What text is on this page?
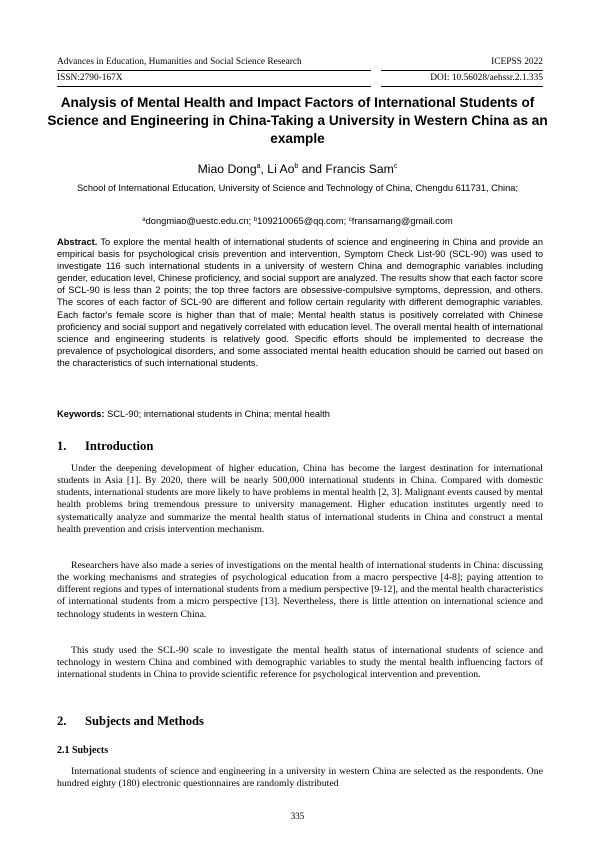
Advances in Education, Humanities and Social Science Research	ICEPSS 2022
ISSN:2790-167X	DOI: 10.56028/aehssr.2.1.335
Analysis of Mental Health and Impact Factors of International Students of Science and Engineering in China-Taking a University in Western China as an example
Miao Dong$^a$, Li Ao$^b$ and Francis Sam$^c$
School of International Education, University of Science and Technology of China, Chengdu 611731, China;
$^a$dongmiao@uestc.edu.cn; $^b$109210065@qq.com; $^c$fransamang@gmail.com

Abstract. To explore the mental health of international students of science and engineering in China and provide an empirical basis for psychological crisis prevention and intervention, Symptom Check List-90 (SCL-90) was used to investigate 116 such international students in a university of western China and demographic variables including gender, education level, Chinese proficiency, and social support are analyzed. The results show that each factor score of SCL-90 is less than 2 points; the top three factors are obsessive-compulsive symptoms, depression, and others. The scores of each factor of SCL-90 are different and follow certain regularity with different demographic variables. Each factor's female score is higher than that of male; Mental health status is positively correlated with Chinese proficiency and social support and negatively correlated with education level. The overall mental health of international science and engineering students is relatively good. Specific efforts should be implemented to decrease the prevalence of psychological disorders, and some associated mental health education should be carried out based on the characteristics of such international students.

Keywords: SCL-90; international students in China; mental health

1. Introduction

Under the deepening development of higher education, China has become the largest destination for international students in Asia [1]. By 2020, there will be nearly 500,000 international students in China. Compared with domestic students, international students are more likely to have problems in mental health [2, 3]. Malignant events caused by mental health problems bring tremendous pressure to university management. Higher education institutes urgently need to systematically analyze and summarize the mental health status of international students in China and construct a mental health prevention and crisis intervention mechanism.

Researchers have also made a series of investigations on the mental health of international students in China: discussing the working mechanisms and strategies of psychological education from a macro perspective [4-8]; paying attention to different regions and types of international students from a medium perspective [9-12], and the mental health characteristics of international students from a micro perspective [13]. Nevertheless, there is little attention on international science and technology students in western China.

This study used the SCL-90 scale to investigate the mental health status of international students of science and technology in western China and combined with demographic variables to study the mental health influencing factors of international students in China to provide scientific reference for psychological intervention and prevention.

2. Subjects and Methods
2.1 Subjects

International students of science and engineering in a university in western China are selected as the respondents. One hundred eighty (180) electronic questionnaires are randomly distributed

335
